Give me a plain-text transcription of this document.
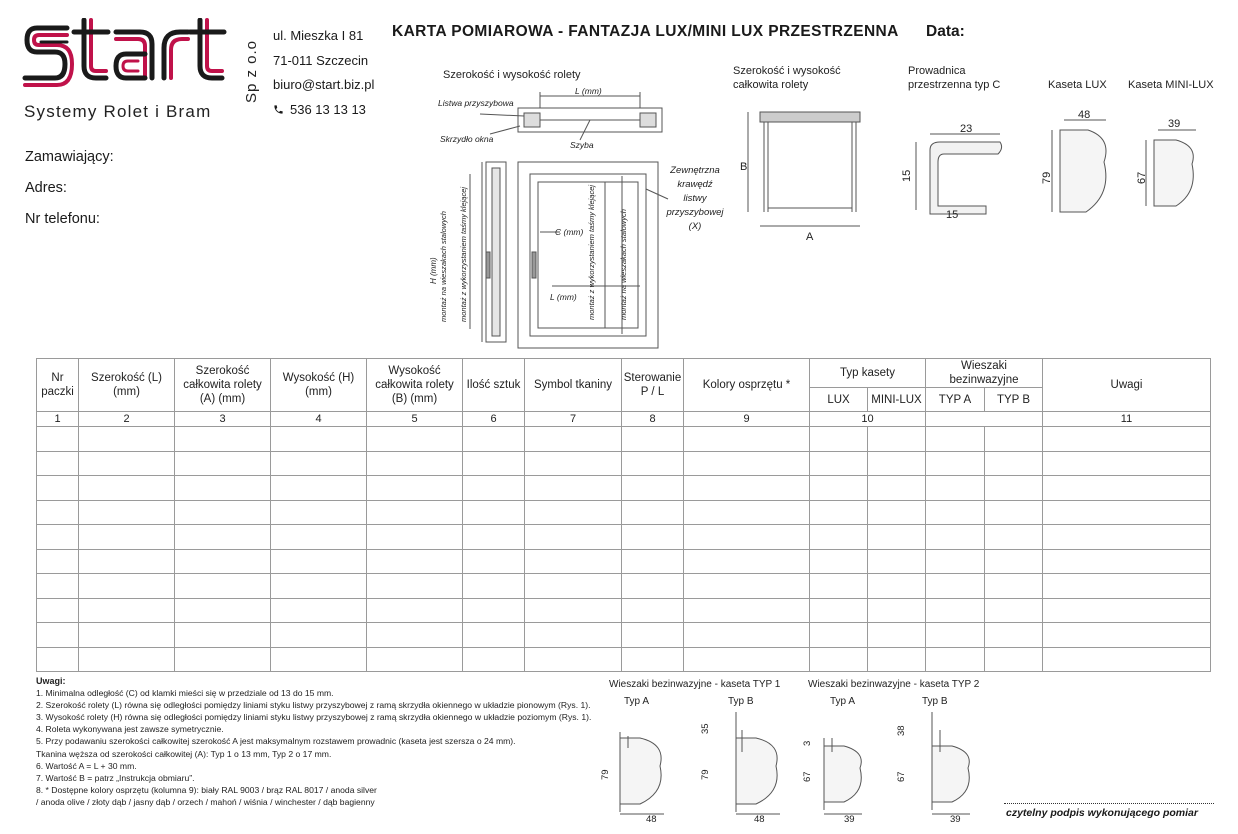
Sp z o.o
Systemy Rolet i Bram
ul. Mieszka I 81
71-011 Szczecin
biuro@start.biz.pl
536 13 13 13
KARTA POMIAROWA - FANTAZJA LUX/MINI LUX PRZESTRZENNA Data:
Zamawiający:
Adres:
Nr telefonu:
Szerokość i wysokość rolety
L (mm)
C (mm)
L (mm)
Szyba
Listwa przyszybowa
Skrzydło okna
H (mm) montaż na wieszakach stalowych montaż z wykorzystaniem taśmy klejącej	montaż z wykorzystaniem taśmy klejącej	montaż na wieszakach stalowych
Zewnętrzna krawędź listwy przyszybowej (X)
Szerokość i wysokość całkowita rolety
B
A
Prowadnica przestrzenna typ C
23
15
15
Kaseta LUX
48
79
Kaseta MINI-LUX
39
67
Nr paczki	Szerokość (L) (mm)	Szerokość całkowita rolety (A) (mm)	Wysokość (H) (mm)	Wysokość całkowita rolety (B) (mm)	Ilość sztuk	Symbol tkaniny	Sterowanie P / L	Kolory osprzętu *	Typ kasety		Wieszaki bezinwazyjne		Uwagi
									LUX	MINI-LUX	TYP A	TYP B	
1	2	3	4	5	6	7	8	9	10				11

Uwagi:
1. Minimalna odległość (C) od klamki mieści się w przedziale od 13 do 15 mm.
2. Szerokość rolety (L) równa się odległości pomiędzy liniami styku listwy przyszybowej z ramą skrzydła okiennego w układzie pionowym (Rys. 1).
3. Wysokość rolety (H) równa się odległości pomiędzy liniami styku listwy przyszybowej z ramą skrzydła okiennego w układzie poziomym (Rys. 1).
4. Roleta wykonywana jest zawsze symetrycznie.
5. Przy podawaniu szerokości całkowitej szerokość A jest maksymalnym rozstawem prowadnic (kaseta jest szersza o 24 mm).
Tkanina węższa od szerokości całkowitej (A): Typ 1 o 13 mm, Typ 2 o 17 mm.
6. Wartość A = L + 30 mm.
7. Wartość B = patrz „Instrukcja obmiaru”.
8. * Dostępne kolory osprzętu (kolumna 9): biały RAL 9003 / brąz RAL 8017 / anoda silver
/ anoda olive / złoty dąb / jasny dąb / orzech / mahoń / wiśnia / winchester / dąb bagienny
Wieszaki bezinwazyjne - kaseta TYP 1	Wieszaki bezinwazyjne - kaseta TYP 2
Typ A	Typ B	Typ A	Typ B
79
48
79
35
48
67
3
39
67
38
39
czytelny podpis wykonującego pomiar
